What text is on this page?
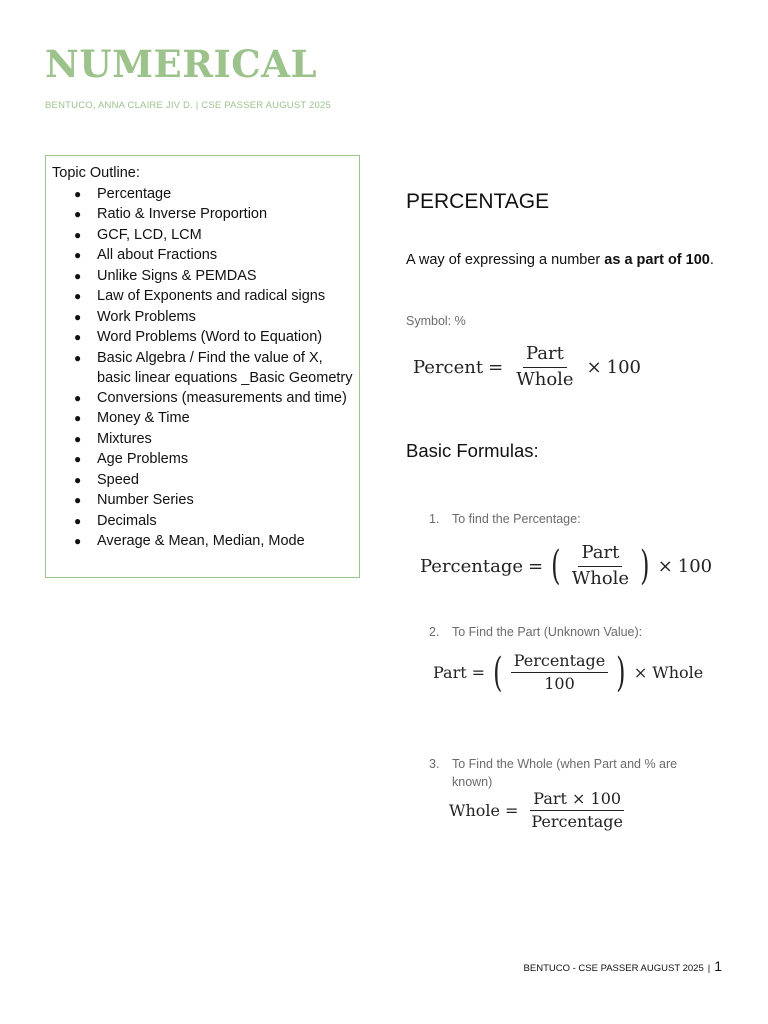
NUMERICAL
BENTUCO, ANNA CLAIRE JIV D. | CSE PASSER AUGUST 2025
Topic Outline:
● Percentage
● Ratio & Inverse Proportion
● GCF, LCD, LCM
● All about Fractions
● Unlike Signs & PEMDAS
● Law of Exponents and radical signs
● Work Problems
● Word Problems (Word to Equation)
● Basic Algebra / Find the value of X, basic linear equations _Basic Geometry
● Conversions (measurements and time)
● Money & Time
● Mixtures
● Age Problems
● Speed
● Number Series
● Decimals
● Average & Mean, Median, Mode
PERCENTAGE
A way of expressing a number as a part of 100.
Symbol: %
Percent = $\frac{\text{Part}}{\text{Whole}} \times 100$
Basic Formulas:
1.	To find the Percentage:
Percentage = ( $\frac{\text{Part}}{\text{Whole}}$ ) × 100
2.	To Find the Part (Unknown Value):
Part = ( $\frac{\text{Percentage}}{100}$ ) × Whole
3.	To Find the Whole (when Part and % are known)
Whole = $\frac{\text{Part × 100}}{\text{Percentage}}$
BENTUCO - CSE PASSER AUGUST 2025 | 1
